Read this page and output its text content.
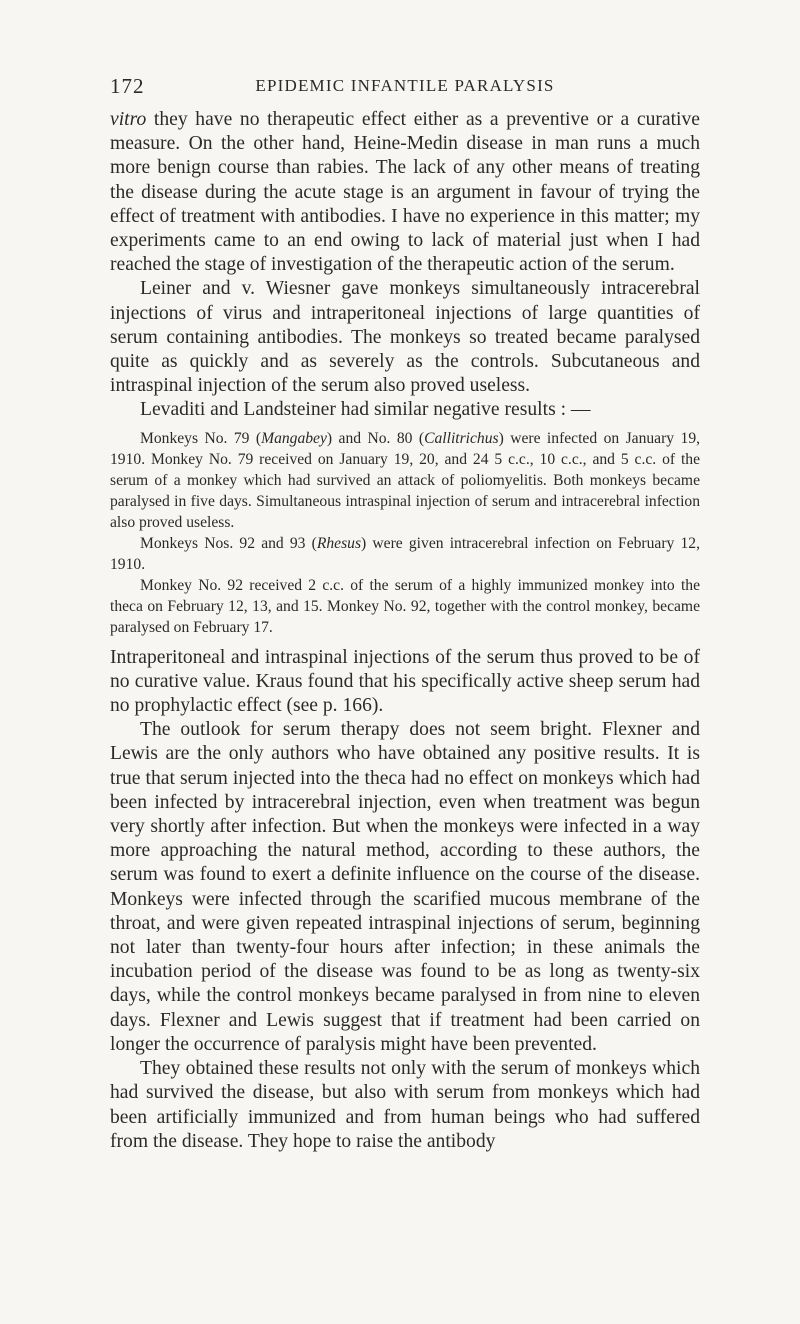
172	EPIDEMIC INFANTILE PARALYSIS

vitro they have no therapeutic effect either as a preventive or a curative measure. On the other hand, Heine-Medin disease in man runs a much more benign course than rabies. The lack of any other means of treating the disease during the acute stage is an argument in favour of trying the effect of treatment with antibodies. I have no experience in this matter; my experiments came to an end owing to lack of material just when I had reached the stage of investigation of the therapeutic action of the serum.

Leiner and v. Wiesner gave monkeys simultaneously intracerebral injections of virus and intraperitoneal injections of large quantities of serum containing antibodies. The monkeys so treated became paralysed quite as quickly and as severely as the controls. Subcutaneous and intraspinal injection of the serum also proved useless.

Levaditi and Landsteiner had similar negative results : —

Monkeys No. 79 (Mangabey) and No. 80 (Callitrichus) were infected on January 19, 1910. Monkey No. 79 received on January 19, 20, and 24 5 c.c., 10 c.c., and 5 c.c. of the serum of a monkey which had survived an attack of poliomyelitis. Both monkeys became paralysed in five days. Simultaneous intraspinal injection of serum and intracerebral infection also proved useless.

Monkeys Nos. 92 and 93 (Rhesus) were given intracerebral infection on February 12, 1910.

Monkey No. 92 received 2 c.c. of the serum of a highly immunized monkey into the theca on February 12, 13, and 15. Monkey No. 92, together with the control monkey, became paralysed on February 17.

Intraperitoneal and intraspinal injections of the serum thus proved to be of no curative value. Kraus found that his specifically active sheep serum had no prophylactic effect (see p. 166).

The outlook for serum therapy does not seem bright. Flexner and Lewis are the only authors who have obtained any positive results. It is true that serum injected into the theca had no effect on monkeys which had been infected by intracerebral injection, even when treatment was begun very shortly after infection. But when the monkeys were infected in a way more approaching the natural method, according to these authors, the serum was found to exert a definite influence on the course of the disease. Monkeys were infected through the scarified mucous membrane of the throat, and were given repeated intraspinal injections of serum, beginning not later than twenty-four hours after infection; in these animals the incubation period of the disease was found to be as long as twenty-six days, while the control monkeys became paralysed in from nine to eleven days. Flexner and Lewis suggest that if treatment had been carried on longer the occurrence of paralysis might have been prevented.

They obtained these results not only with the serum of monkeys which had survived the disease, but also with serum from monkeys which had been artificially immunized and from human beings who had suffered from the disease. They hope to raise the antibody
